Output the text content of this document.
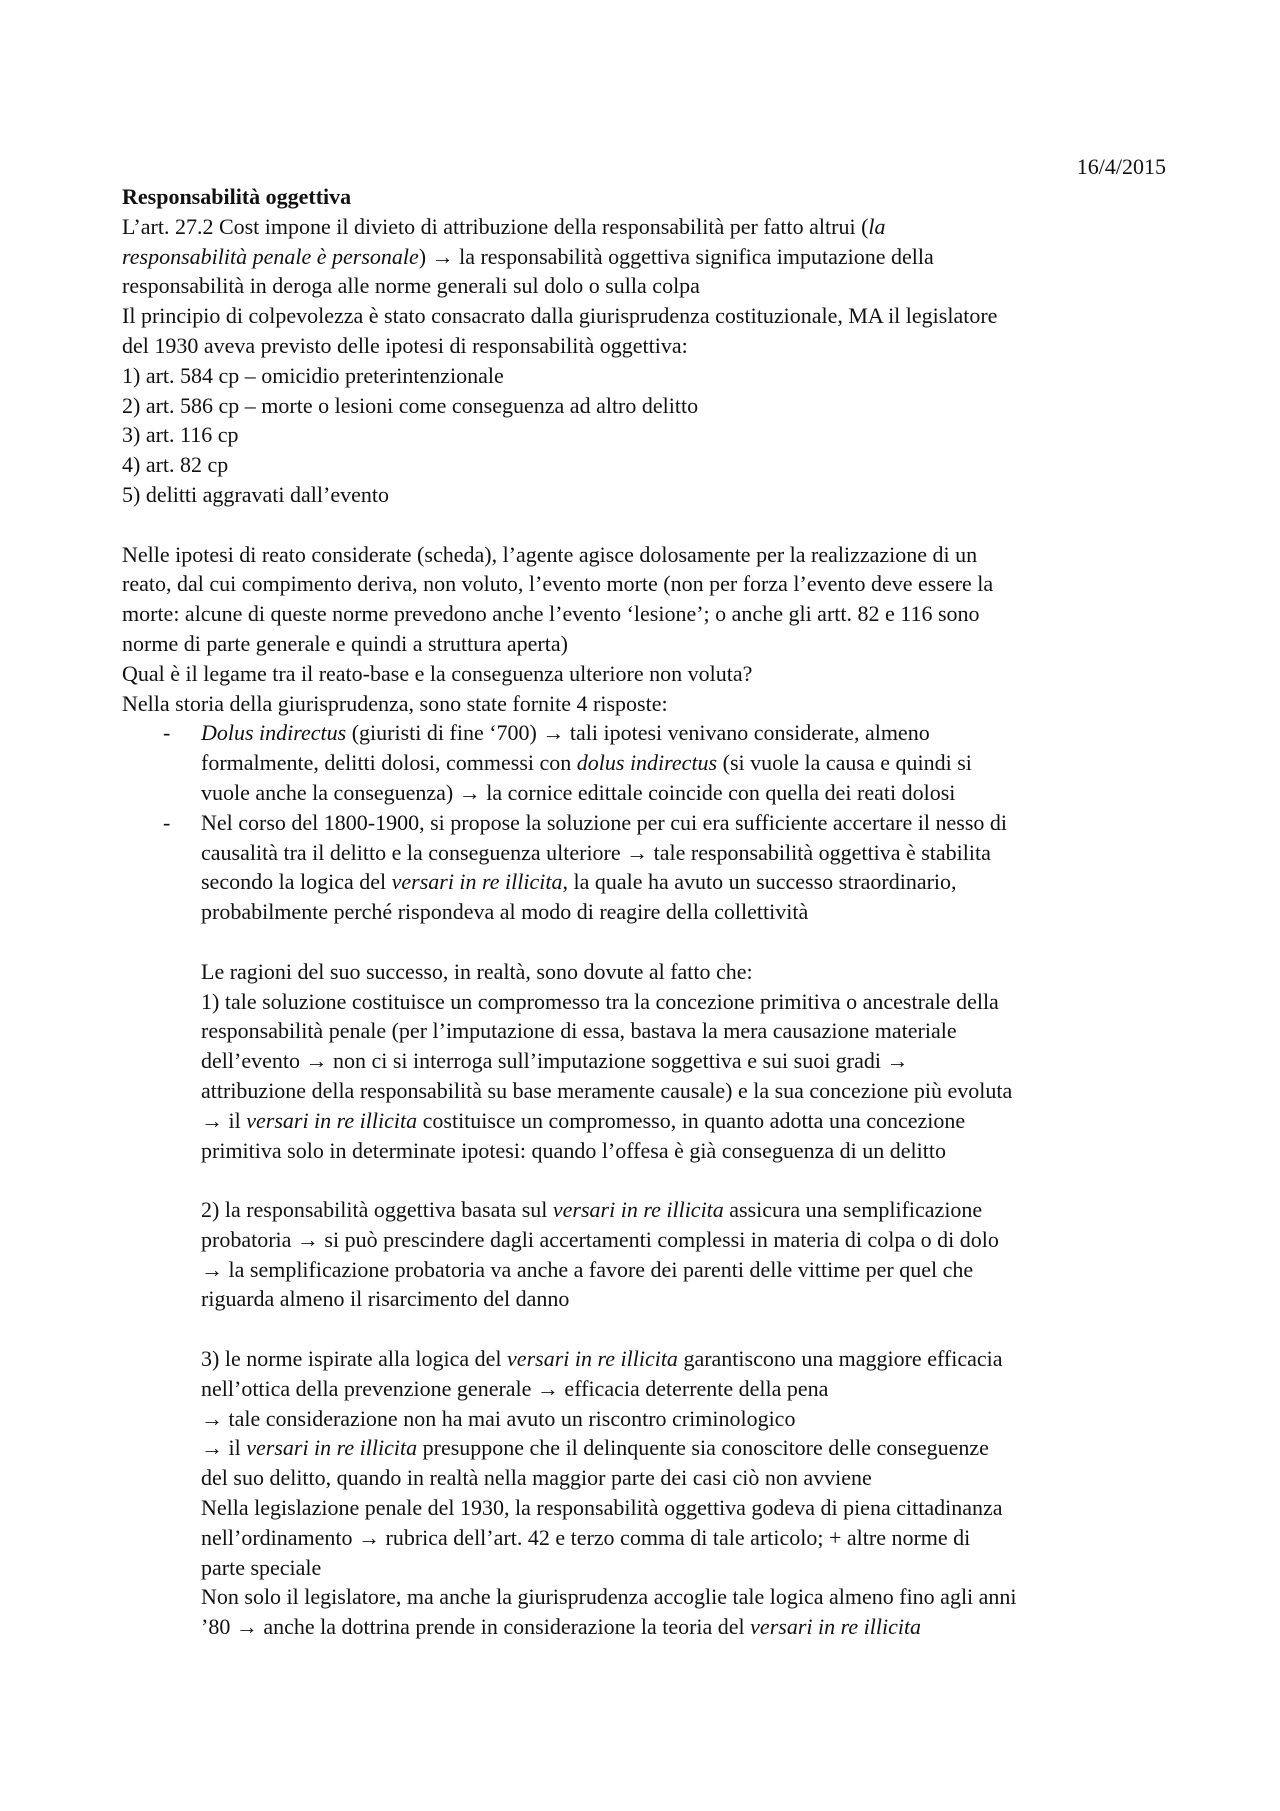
16/4/2015
Responsabilità oggettiva
L’art. 27.2 Cost impone il divieto di attribuzione della responsabilità per fatto altrui (la
responsabilità penale è personale) → la responsabilità oggettiva significa imputazione della
responsabilità in deroga alle norme generali sul dolo o sulla colpa
Il principio di colpevolezza è stato consacrato dalla giurisprudenza costituzionale, MA il legislatore
del 1930 aveva previsto delle ipotesi di responsabilità oggettiva:
1) art. 584 cp – omicidio preterintenzionale
2) art. 586 cp – morte o lesioni come conseguenza ad altro delitto
3) art. 116 cp
4) art. 82 cp
5) delitti aggravati dall’evento
Nelle ipotesi di reato considerate (scheda), l’agente agisce dolosamente per la realizzazione di un
reato, dal cui compimento deriva, non voluto, l’evento morte (non per forza l’evento deve essere la
morte: alcune di queste norme prevedono anche l’evento ‘lesione’; o anche gli artt. 82 e 116 sono
norme di parte generale e quindi a struttura aperta)
Qual è il legame tra il reato-base e la conseguenza ulteriore non voluta?
Nella storia della giurisprudenza, sono state fornite 4 risposte:
- Dolus indirectus (giuristi di fine ‘700) → tali ipotesi venivano considerate, almeno
formalmente, delitti dolosi, commessi con dolus indirectus (si vuole la causa e quindi si
vuole anche la conseguenza) → la cornice edittale coincide con quella dei reati dolosi
- Nel corso del 1800-1900, si propose la soluzione per cui era sufficiente accertare il nesso di
causalità tra il delitto e la conseguenza ulteriore → tale responsabilità oggettiva è stabilita
secondo la logica del versari in re illicita, la quale ha avuto un successo straordinario,
probabilmente perché rispondeva al modo di reagire della collettività
Le ragioni del suo successo, in realtà, sono dovute al fatto che:
1) tale soluzione costituisce un compromesso tra la concezione primitiva o ancestrale della
responsabilità penale (per l’imputazione di essa, bastava la mera causazione materiale
dell’evento → non ci si interroga sull’imputazione soggettiva e sui suoi gradi →
attribuzione della responsabilità su base meramente causale) e la sua concezione più evoluta
→ il versari in re illicita costituisce un compromesso, in quanto adotta una concezione
primitiva solo in determinate ipotesi: quando l’offesa è già conseguenza di un delitto
2) la responsabilità oggettiva basata sul versari in re illicita assicura una semplificazione
probatoria → si può prescindere dagli accertamenti complessi in materia di colpa o di dolo
→ la semplificazione probatoria va anche a favore dei parenti delle vittime per quel che
riguarda almeno il risarcimento del danno
3) le norme ispirate alla logica del versari in re illicita garantiscono una maggiore efficacia
nell’ottica della prevenzione generale → efficacia deterrente della pena
→ tale considerazione non ha mai avuto un riscontro criminologico
→ il versari in re illicita presuppone che il delinquente sia conoscitore delle conseguenze
del suo delitto, quando in realtà nella maggior parte dei casi ciò non avviene
Nella legislazione penale del 1930, la responsabilità oggettiva godeva di piena cittadinanza
nell’ordinamento → rubrica dell’art. 42 e terzo comma di tale articolo; + altre norme di
parte speciale
Non solo il legislatore, ma anche la giurisprudenza accoglie tale logica almeno fino agli anni
’80 → anche la dottrina prende in considerazione la teoria del versari in re illicita
